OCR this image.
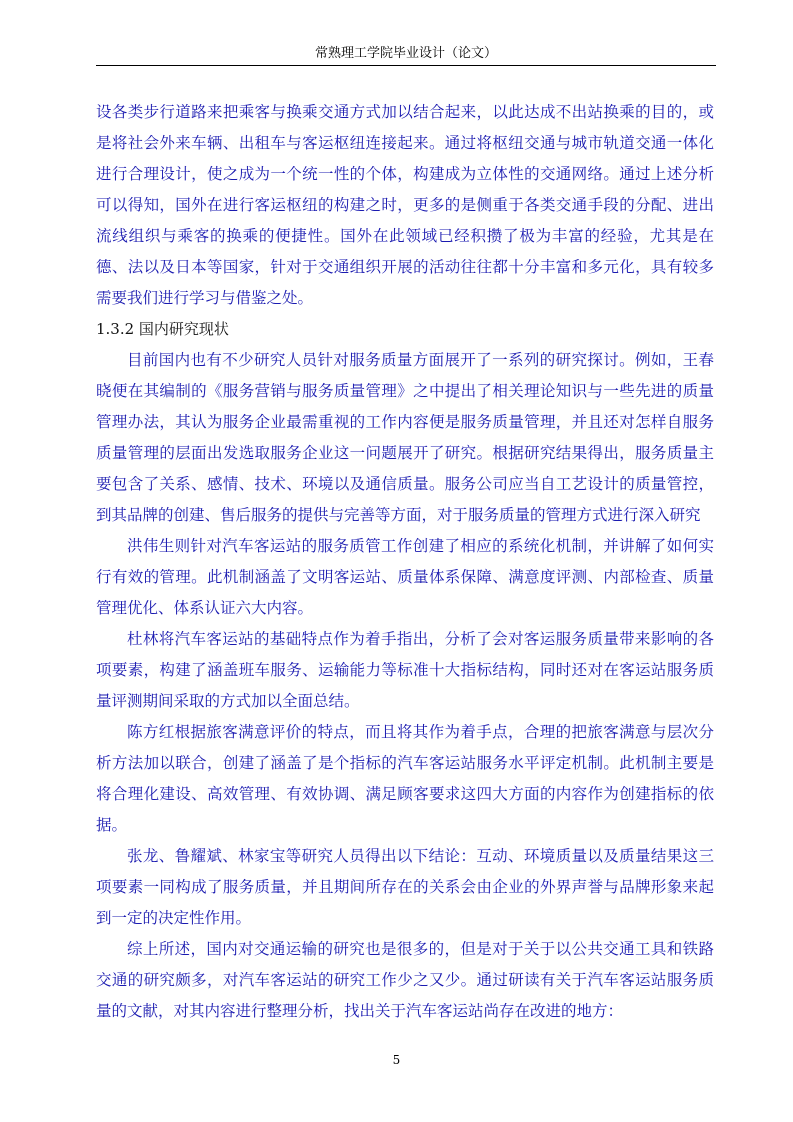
常熟理工学院毕业设计（论文）

设各类步行道路来把乘客与换乘交通方式加以结合起来，以此达成不出站换乘的目的，或是将社会外来车辆、出租车与客运枢纽连接起来。通过将枢纽交通与城市轨道交通一体化进行合理设计，使之成为一个统一性的个体，构建成为立体性的交通网络。通过上述分析可以得知，国外在进行客运枢纽的构建之时，更多的是侧重于各类交通手段的分配、进出流线组织与乘客的换乘的便捷性。国外在此领域已经积攒了极为丰富的经验，尤其是在德、法以及日本等国家，针对于交通组织开展的活动往往都十分丰富和多元化，具有较多需要我们进行学习与借鉴之处。

1.3.2 国内研究现状

目前国内也有不少研究人员针对服务质量方面展开了一系列的研究探讨。例如，王春晓便在其编制的《服务营销与服务质量管理》之中提出了相关理论知识与一些先进的质量管理办法，其认为服务企业最需重视的工作内容便是服务质量管理，并且还对怎样自服务质量管理的层面出发选取服务企业这一问题展开了研究。根据研究结果得出，服务质量主要包含了关系、感情、技术、环境以及通信质量。服务公司应当自工艺设计的质量管控，到其品牌的创建、售后服务的提供与完善等方面，对于服务质量的管理方式进行深入研究

洪伟生则针对汽车客运站的服务质管工作创建了相应的系统化机制，并讲解了如何实行有效的管理。此机制涵盖了文明客运站、质量体系保障、满意度评测、内部检查、质量管理优化、体系认证六大内容。

杜林将汽车客运站的基础特点作为着手指出，分析了会对客运服务质量带来影响的各项要素，构建了涵盖班车服务、运输能力等标准十大指标结构，同时还对在客运站服务质量评测期间采取的方式加以全面总结。

陈方红根据旅客满意评价的特点，而且将其作为着手点，合理的把旅客满意与层次分析方法加以联合，创建了涵盖了是个指标的汽车客运站服务水平评定机制。此机制主要是将合理化建设、高效管理、有效协调、满足顾客要求这四大方面的内容作为创建指标的依据。

张龙、鲁耀斌、林家宝等研究人员得出以下结论：互动、环境质量以及质量结果这三项要素一同构成了服务质量，并且期间所存在的关系会由企业的外界声誉与品牌形象来起到一定的决定性作用。

综上所述，国内对交通运输的研究也是很多的，但是对于关于以公共交通工具和铁路交通的研究颇多，对汽车客运站的研究工作少之又少。通过研读有关于汽车客运站服务质量的文献，对其内容进行整理分析，找出关于汽车客运站尚存在改进的地方：

5
